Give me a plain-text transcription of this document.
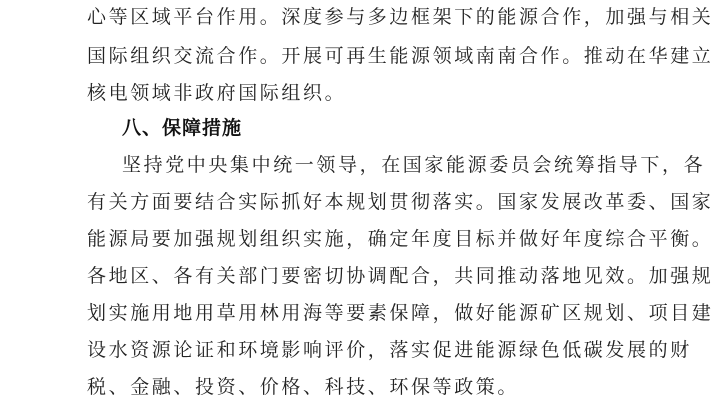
心等区域平台作用。深度参与多边框架下的能源合作，加强与相关

国际组织交流合作。开展可再生能源领域南南合作。推动在华建立

核电领域非政府国际组织。

八、保障措施

坚持党中央集中统一领导，在国家能源委员会统筹指导下，各

有关方面要结合实际抓好本规划贯彻落实。国家发展改革委、国家

能源局要加强规划组织实施，确定年度目标并做好年度综合平衡。

各地区、各有关部门要密切协调配合，共同推动落地见效。加强规

划实施用地用草用林用海等要素保障，做好能源矿区规划、项目建

设水资源论证和环境影响评价，落实促进能源绿色低碳发展的财

税、金融、投资、价格、科技、环保等政策。
